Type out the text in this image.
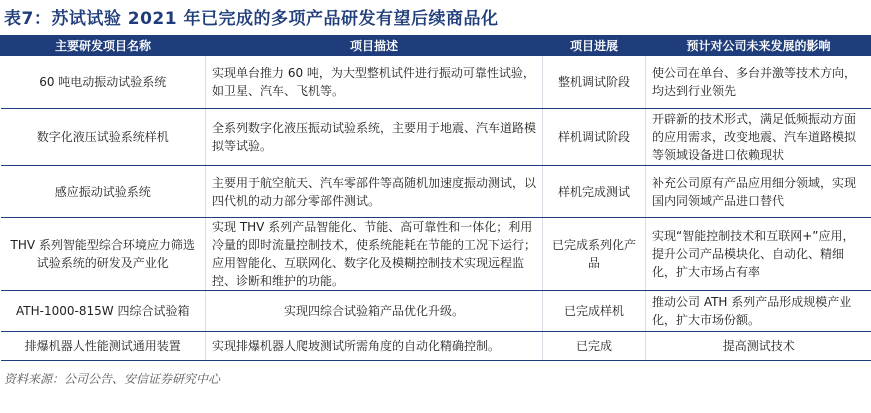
表7：苏试试验 2021 年已完成的多项产品研发有望后续商品化
主要研发项目名称	项目描述	项目进展	预计对公司未来发展的影响
60 吨电动振动试验系统	实现单台推力 60 吨，为大型整机试件进行振动可靠性试验，如卫星、汽车、飞机等。	整机调试阶段	使公司在单台、多台并激等技术方向，均达到行业领先
数字化液压试验系统样机	全系列数字化液压振动试验系统，主要用于地震、汽车道路模拟等试验。	样机调试阶段	开辟新的技术形式，满足低频振动方面的应用需求，改变地震、汽车道路模拟等领域设备进口依赖现状
感应振动试验系统	主要用于航空航天、汽车零部件等高随机加速度振动测试，以四代机的动力部分零部件测试。	样机完成测试	补充公司原有产品应用细分领域，实现国内同领域产品进口替代
THV 系列智能型综合环境应力筛选试验系统的研发及产业化	实现 THV 系列产品智能化、节能、高可靠性和一体化；利用冷量的即时流量控制技术，使系统能耗在节能的工况下运行；应用智能化、互联网化、数字化及模糊控制技术实现远程监控、诊断和维护的功能。	已完成系列化产品	实现“智能控制技术和互联网+”应用，提升公司产品模块化、自动化、精细化，扩大市场占有率
ATH-1000-815W 四综合试验箱	实现四综合试验箱产品优化升级。	已完成样机	推动公司 ATH 系列产品形成规模产业化，扩大市场份额。
排爆机器人性能测试通用装置	实现排爆机器人爬坡测试所需角度的自动化精确控制。	已完成	提高测试技术
资料来源：公司公告、安信证券研究中心
